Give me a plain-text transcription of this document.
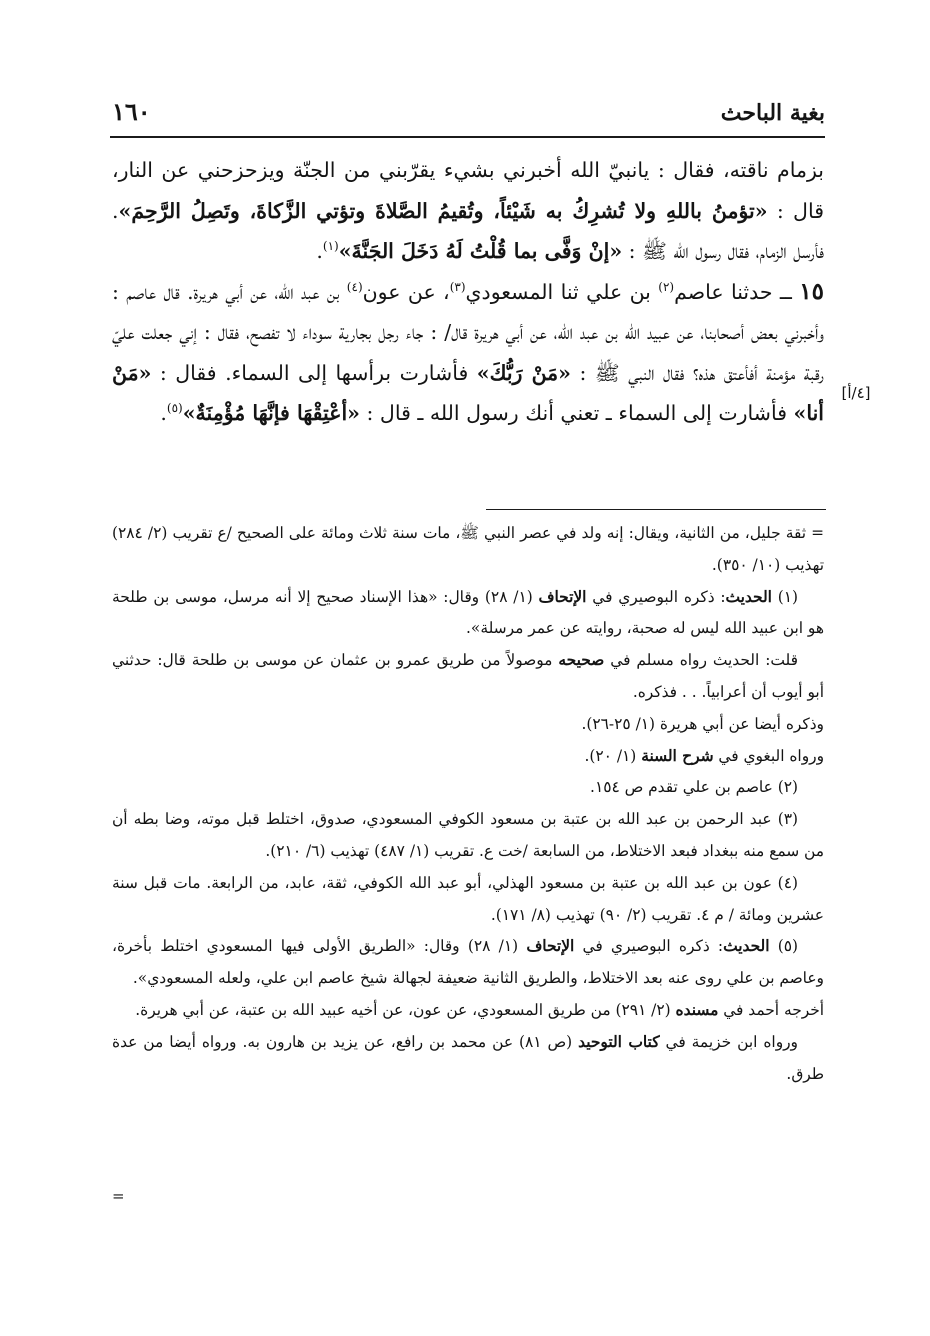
بغية الباحث
١٦٠

بزمام ناقته، فقال : يانبيّ الله أخبرني بشيء يقرّبني من الجنّة ويزحزحني عن النار، قال : «تؤمنُ باللهِ ولا تُشرِكُ به شَيْئاً، وتُقيمُ الصَّلاةَ وتؤتي الزَّكاةَ، وتَصِلُ الرَّحِمَ». فأرسل الزمام، فقال رسول الله ﷺ : «إنْ وَفَّى بما قُلْتُ لَهُ دَخَلَ الجَنَّةَ»$^{(١)}$.

١٥ ــ حدثنا عاصم$^{(٢)}$ بن علي ثنا المسعودي$^{(٣)}$، عن عون$^{(٤)}$ بن عبد الله، عن أبي هريرة. قال عاصم : وأخبرني بعض أصحابنا، عن عبيد الله بن عبد الله، عن أبي هريرة قال/ : جاء رجل بجارية سوداء لا تفصح، فقال : إني جعلت عليّ رقبة مؤمنة أفأعتق هذه؟ فقال النبي ﷺ : «مَنْ رَبُّكَ» فأشارت برأسها إلى السماء. فقال : «مَنْ أنا» فأشارت إلى السماء ـ تعني أنك رسول الله ـ قال : «أعْتِقْهَا فإنَّهَا مُؤْمِنَةٌ»$^{(٥)}$.

[٤/أ]

= ثقة جليل، من الثانية، ويقال: إنه ولد في عصر النبي ﷺ، مات سنة ثلاث ومائة على الصحيح /ع تقريب (٢/ ٢٨٤) تهذيب (١٠/ ٣٥٠).

(١) الحديث: ذكره البوصيري في الإتحاف (١/ ٢٨) وقال: «هذا الإسناد صحيح إلا أنه مرسل، موسى بن طلحة هو ابن عبيد الله ليس له صحبة، روايته عن عمر مرسلة».

قلت: الحديث رواه مسلم في صحيحه موصولاً من طريق عمرو بن عثمان عن موسى بن طلحة قال: حدثني أبو أيوب أن أعرابياً. . . فذكره.

وذكره أيضا عن أبي هريرة (١/ ٢٥-٢٦).

ورواه البغوي في شرح السنة (١/ ٢٠).

(٢) عاصم بن علي تقدم ص ١٥٤.

(٣) عبد الرحمن بن عبد الله بن عتبة بن مسعود الكوفي المسعودي، صدوق، اختلط قبل موته، وضا بطه أن من سمع منه ببغداد فبعد الاختلاط، من السابعة /خت ع. تقريب (١/ ٤٨٧) تهذيب (٦/ ٢١٠).

(٤) عون بن عبد الله بن عتبة بن مسعود الهذلي، أبو عبد الله الكوفي، ثقة، عابد، من الرابعة. مات قبل سنة عشرين ومائة / م ٤. تقريب (٢/ ٩٠) تهذيب (٨/ ١٧١).

(٥) الحديث: ذكره البوصيري في الإتحاف (١/ ٢٨) وقال: «الطريق الأولى فيها المسعودي اختلط بأخرة، وعاصم بن علي روى عنه بعد الاختلاط، والطريق الثانية ضعيفة لجهالة شيخ عاصم ابن علي، ولعله المسعودي».

أخرجه أحمد في مسنده (٢/ ٢٩١) من طريق المسعودي، عن عون، عن أخيه عبيد الله بن عتبة، عن أبي هريرة.

ورواه ابن خزيمة في كتاب التوحيد (ص ٨١) عن محمد بن رافع، عن يزيد بن هارون به. ورواه أيضا من عدة طرق.

=
